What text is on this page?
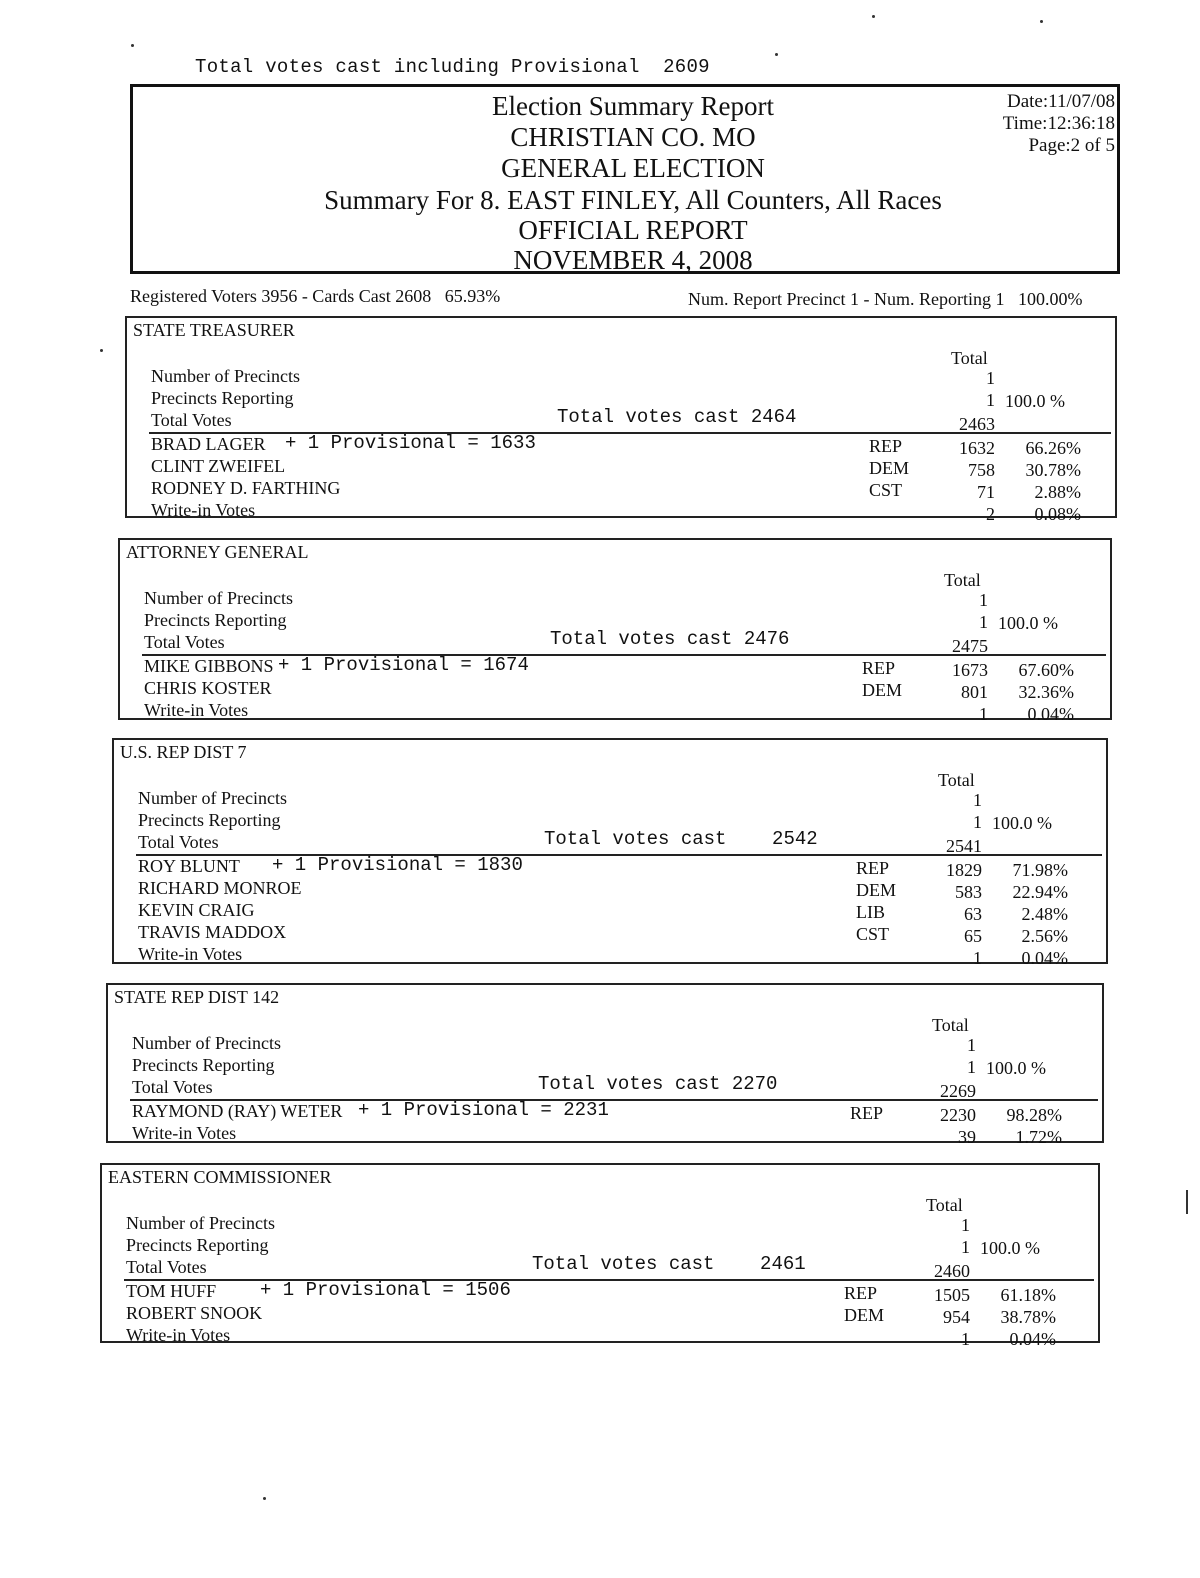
Total votes cast including Provisional 2609
Election Summary Report
CHRISTIAN CO. MO
GENERAL ELECTION
Summary For 8. EAST FINLEY, All Counters, All Races
OFFICIAL REPORT
NOVEMBER 4, 2008
Date:11/07/08
Time:12:36:18
Page:2 of 5
Registered Voters 3956 - Cards Cast 2608   65.93%	Num. Report Precinct 1 - Num. Reporting 1 100.00%
STATE TREASURER
Total
Number of Precincts	1
Precincts Reporting	1 100.0 %
Total Votes	Total votes cast 2464	2463
BRAD LAGER + 1 Provisional = 1633	REP	1632	66.26%
CLINT ZWEIFEL	DEM	758	30.78%
RODNEY D. FARTHING	CST	71	2.88%
Write-in Votes	2	0.08%
ATTORNEY GENERAL
Total
Number of Precincts	1
Precincts Reporting	1 100.0 %
Total Votes	Total votes cast 2476	2475
MIKE GIBBONS + 1 Provisional = 1674	REP	1673	67.60%
CHRIS KOSTER	DEM	801	32.36%
Write-in Votes	1	0.04%
U.S. REP DIST 7
Total
Number of Precincts	1
Precincts Reporting	1 100.0 %
Total Votes	Total votes cast    2542	2541
ROY BLUNT + 1 Provisional = 1830	REP	1829	71.98%
RICHARD MONROE	DEM	583	22.94%
KEVIN CRAIG	LIB	63	2.48%
TRAVIS MADDOX	CST	65	2.56%
Write-in Votes	1	0.04%
STATE REP DIST 142
Total
Number of Precincts	1
Precincts Reporting	1 100.0 %
Total Votes	Total votes cast 2270	2269
RAYMOND (RAY) WETER + 1 Provisional = 2231	REP	2230	98.28%
Write-in Votes	39	1.72%
EASTERN COMMISSIONER
Total
Number of Precincts	1
Precincts Reporting	1 100.0 %
Total Votes	Total votes cast    2461	2460
TOM HUFF + 1 Provisional = 1506	REP	1505	61.18%
ROBERT SNOOK	DEM	954	38.78%
Write-in Votes	1	0.04%
